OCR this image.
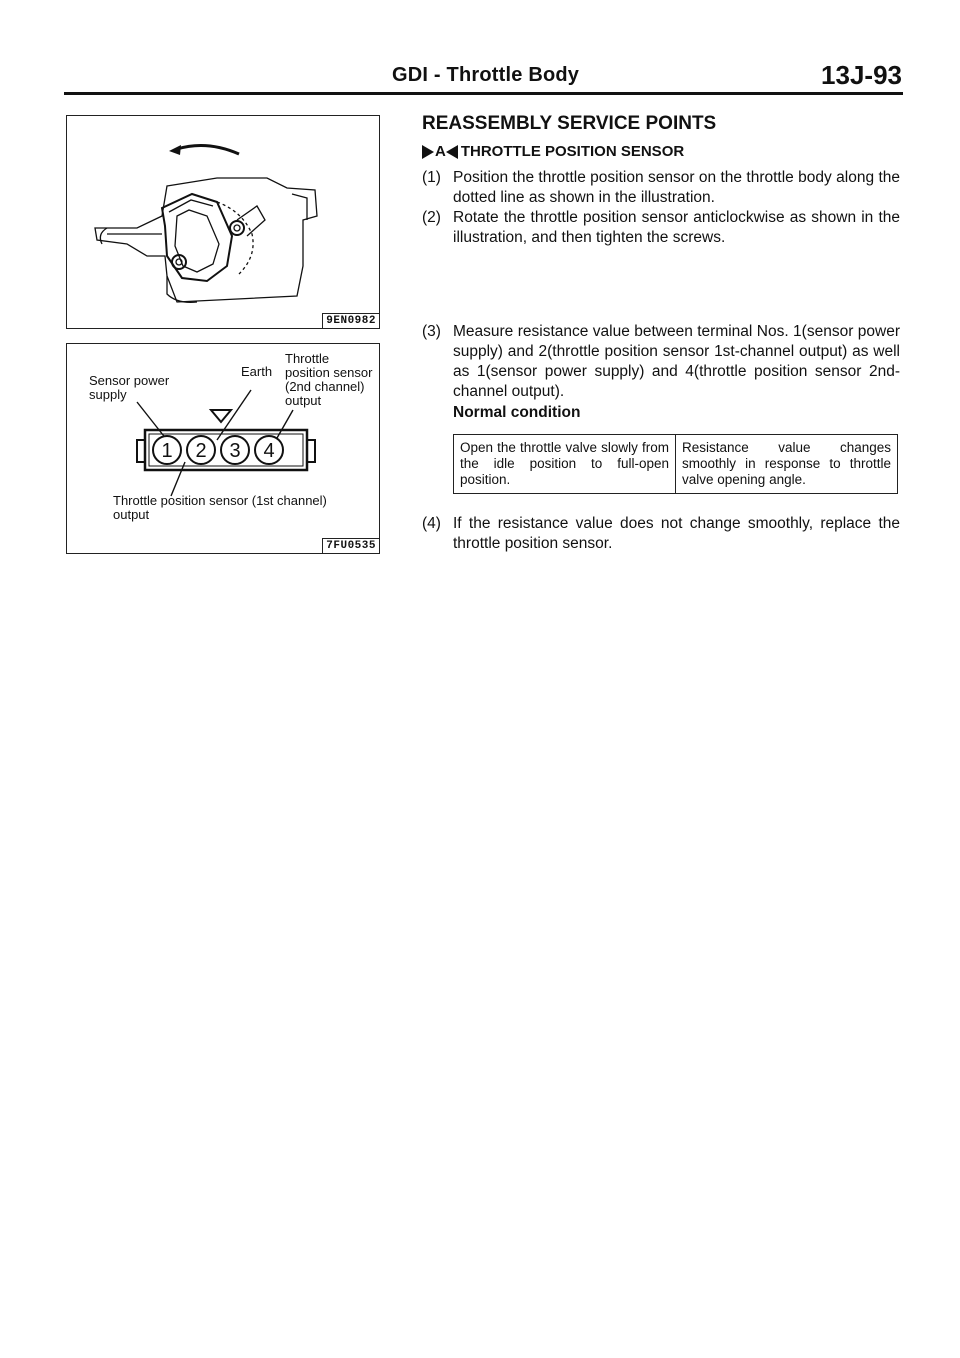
GDI - Throttle Body	13J-93
9EN0982
Sensor power supply
Earth
Throttle position sensor (2nd channel) output
Throttle position sensor (1st channel) output
1 2 3 4
7FU0535
REASSEMBLY SERVICE POINTS
A THROTTLE POSITION SENSOR
(1) Position the throttle position sensor on the throttle body along the dotted line as shown in the illustration.
(2) Rotate the throttle position sensor anticlockwise as shown in the illustration, and then tighten the screws.
(3) Measure resistance value between terminal Nos. 1(sensor power supply) and 2(throttle position sensor 1st-channel output) as well as 1(sensor power supply) and 4(throttle position sensor 2nd-channel output).
Normal condition
Open the throttle valve slowly from the idle position to full-open position.	Resistance value changes smoothly in response to throttle valve opening angle.
(4) If the resistance value does not change smoothly, replace the throttle position sensor.
